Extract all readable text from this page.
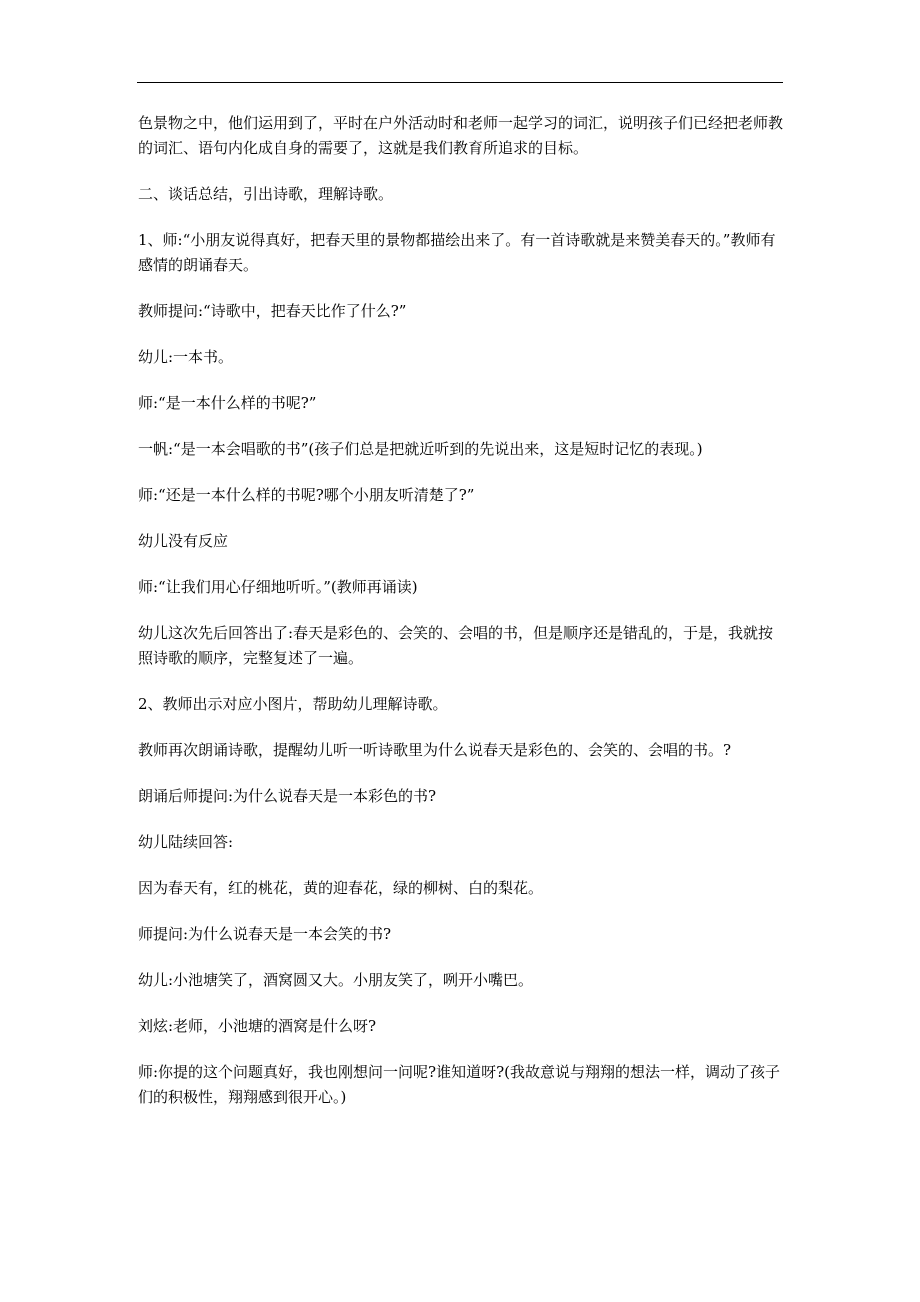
色景物之中，他们运用到了，平时在户外活动时和老师一起学习的词汇，说明孩子们已经把老师教的词汇、语句内化成自身的需要了，这就是我们教育所追求的目标。

二、谈话总结，引出诗歌，理解诗歌。

1、师:“小朋友说得真好，把春天里的景物都描绘出来了。有一首诗歌就是来赞美春天的。”教师有感情的朗诵春天。

教师提问:“诗歌中，把春天比作了什么?”

幼儿:一本书。

师:“是一本什么样的书呢?”

一帆:“是一本会唱歌的书”(孩子们总是把就近听到的先说出来，这是短时记忆的表现。)

师:“还是一本什么样的书呢?哪个小朋友听清楚了?”

幼儿没有反应

师:“让我们用心仔细地听听。”(教师再诵读)

幼儿这次先后回答出了:春天是彩色的、会笑的、会唱的书，但是顺序还是错乱的，于是，我就按照诗歌的顺序，完整复述了一遍。

2、教师出示对应小图片，帮助幼儿理解诗歌。

教师再次朗诵诗歌，提醒幼儿听一听诗歌里为什么说春天是彩色的、会笑的、会唱的书。?

朗诵后师提问:为什么说春天是一本彩色的书?

幼儿陆续回答:

因为春天有，红的桃花，黄的迎春花，绿的柳树、白的梨花。

师提问:为什么说春天是一本会笑的书?

幼儿:小池塘笑了，酒窝圆又大。小朋友笑了，咧开小嘴巴。

刘炫:老师，小池塘的酒窝是什么呀?

师:你提的这个问题真好，我也刚想问一问呢?谁知道呀?(我故意说与翔翔的想法一样，调动了孩子们的积极性，翔翔感到很开心。)
